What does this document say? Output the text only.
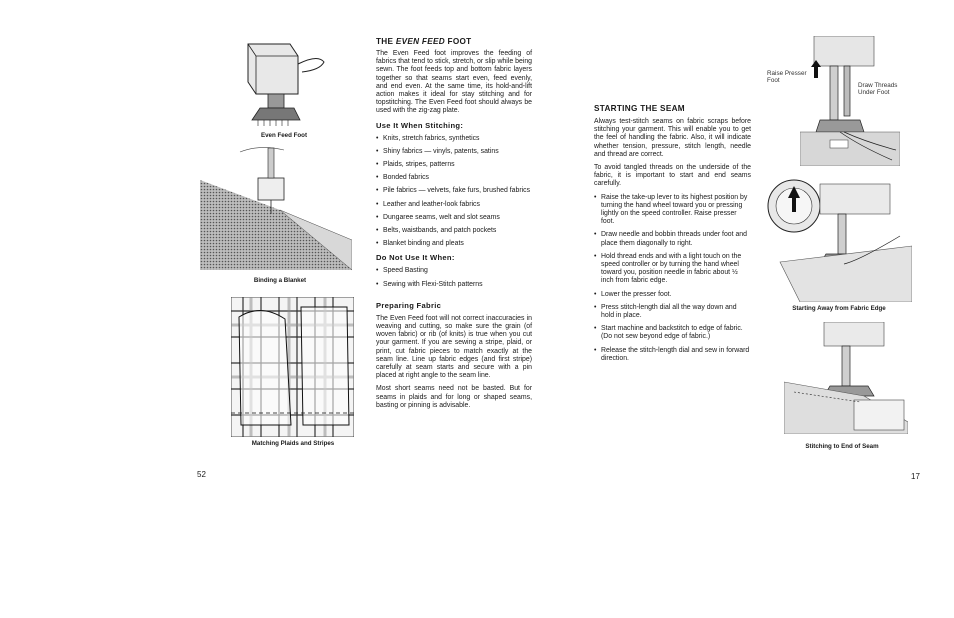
Even Feed Foot
Binding a Blanket
Matching Plaids and Stripes
THE EVEN FEED FOOT

The Even Feed foot improves the feeding of fabrics that tend to stick, stretch, or slip while being sewn. The foot feeds top and bottom fabric layers together so that seams start even, feed evenly, and end even. At the same time, its hold-and-lift action makes it ideal for stay stitching and for topstitching. The Even Feed foot should always be used with the zig-zag plate.

Use It When Stitching:
• Knits, stretch fabrics, synthetics
• Shiny fabrics — vinyls, patents, satins
• Plaids, stripes, patterns
• Bonded fabrics
• Pile fabrics — velvets, fake furs, brushed fabrics
• Leather and leather-look fabrics
• Dungaree seams, welt and slot seams
• Belts, waistbands, and patch pockets
• Blanket binding and pleats
Do Not Use It When:
• Speed Basting
• Sewing with Flexi-Stitch patterns
Preparing Fabric

The Even Feed foot will not correct inaccuracies in weaving and cutting, so make sure the grain (of woven fabric) or rib (of knits) is true when you cut your garment. If you are sewing a stripe, plaid, or print, cut fabric pieces to match exactly at the seam line. Line up fabric edges (and first stripe) carefully at seam starts and secure with a pin placed at right angle to the seam line.

Most short seams need not be basted. But for seams in plaids and for long or shaped seams, basting or pinning is advisable.

52
STARTING THE SEAM

Always test-stitch seams on fabric scraps before stitching your garment. This will enable you to get the feel of handling the fabric. Also, it will indicate whether tension, pressure, stitch length, needle and thread are correct.

To avoid tangled threads on the underside of the fabric, it is important to start and end seams carefully.

• Raise the take-up lever to its highest position by turning the hand wheel toward you or pressing lightly on the speed controller. Raise presser foot.
• Draw needle and bobbin threads under foot and place them diagonally to right.
• Hold thread ends and with a light touch on the speed controller or by turning the hand wheel toward you, position needle in fabric about ½ inch from fabric edge.
• Lower the presser foot.
• Press stitch-length dial all the way down and hold in place.
• Start machine and backstitch to edge of fabric. (Do not sew beyond edge of fabric.)
• Release the stitch-length dial and sew in forward direction.
Raise Presser Foot
Draw Threads Under Foot
Starting Away from Fabric Edge
Stitching to End of Seam
17
